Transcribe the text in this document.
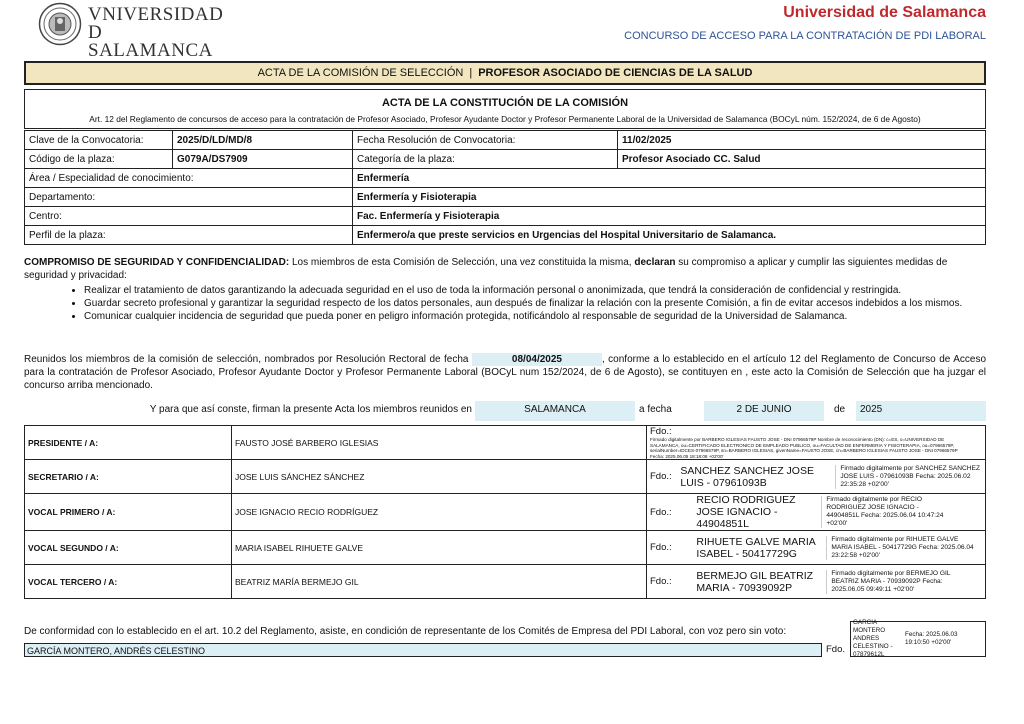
VNIVERSIDAD
D SALAMANCA
Universidad de Salamanca
CONCURSO DE ACCESO PARA LA CONTRATACIÓN DE PDI LABORAL
ACTA DE LA COMISIÓN DE SELECCIÓN | PROFESOR ASOCIADO DE CIENCIAS DE LA SALUD
ACTA DE LA CONSTITUCIÓN DE LA COMISIÓN
Art. 12 del Reglamento de concursos de acceso para la contratación de Profesor Asociado, Profesor Ayudante Doctor y Profesor Permanente Laboral de la Universidad de Salamanca (BOCyL núm. 152/2024, de 6 de Agosto)
Clave de la Convocatoria:	2025/D/LD/MD/8	Fecha Resolución de Convocatoria:	11/02/2025
Código de la plaza:	G079A/DS7909	Categoría de la plaza:	Profesor Asociado CC. Salud
Área / Especialidad de conocimiento:		Enfermería	
Departamento:		Enfermería y Fisioterapia	
Centro:		Fac. Enfermería y Fisioterapia	
Perfil de la plaza:		Enfermero/a que preste servicios en Urgencias del Hospital Universitario de Salamanca.	
COMPROMISO DE SEGURIDAD Y CONFIDENCIALIDAD: Los miembros de esta Comisión de Selección, una vez constituida la misma, declaran su compromiso a aplicar y cumplir las siguientes medidas de seguridad y privacidad:
• Realizar el tratamiento de datos garantizando la adecuada seguridad en el uso de toda la información personal o anonimizada, que tendrá la consideración de confidencial y restringida.
• Guardar secreto profesional y garantizar la seguridad respecto de los datos personales, aun después de finalizar la relación con la presente Comisión, a fin de evitar accesos indebidos a los mismos.
• Comunicar cualquier incidencia de seguridad que pueda poner en peligro información protegida, notificándolo al responsable de seguridad de la Universidad de Salamanca.
Reunidos los miembros de la comisión de selección, nombrados por Resolución Rectoral de fecha	08/04/2025	, conforme a lo establecido en el artículo 12 del Reglamento de Concurso de Acceso para la contratación de Profesor Asociado, Profesor Ayudante Doctor y Profesor Permanente Laboral (BOCyL num 152/2024, de 6 de Agosto), se contituyen en , este acto la Comisión de Selección que ha juzgar el concurso arriba mencionado.
Y para que así conste, firman la presente Acta los miembros reunidos en	SALAMANCA	a fecha	2 DE JUNIO	de	2025
PRESIDENTE / A:	FAUSTO JOSÉ BARBERO IGLESIAS	Fdo.:
Firmado digitalmente por BARBERO IGLESIAS FAUSTO JOSE - DNI 07966579P Nombre de reconocimiento (DN): c=ES, o=UNIVERSIDAD DE SALAMANCA, ou=CERTIFICADO ELECTRONICO DE EMPLEADO PUBLICO, ou=FACULTAD DE ENFERMERIA Y FISIOTERAPIA, ou=07966579P, serialNumber=IDCES-07966579P, sn=BARBERO IGLESIAS, givenName=FAUSTO JOSE, cn=BARBERO IGLESIAS FAUSTO JOSE - DNI 07966579P Fecha: 2025.06.05 18:18:08 +02'00'

SECRETARIO / A:	JOSE LUIS SÁNCHEZ SÁNCHEZ	Fdo.: SANCHEZ SANCHEZ JOSE LUIS - 07961093B
Firmado digitalmente por SANCHEZ SANCHEZ JOSE LUIS - 07961093B Fecha: 2025.06.02 22:35:28 +02'00'

VOCAL PRIMERO / A:	JOSE IGNACIO RECIO RODRÍGUEZ	Fdo.:
RECIO RODRIGUEZ JOSE IGNACIO - 44904851L
Firmado digitalmente por RECIO RODRIGUEZ JOSE IGNACIO - 44904851L Fecha: 2025.06.04 10:47:24 +02'00'

VOCAL SEGUNDO / A:	MARIA ISABEL RIHUETE GALVE	Fdo.: RIHUETE GALVE MARIA ISABEL - 50417729G
Firmado digitalmente por RIHUETE GALVE MARIA ISABEL - 50417729G Fecha: 2025.06.04 23:22:58 +02'00'

VOCAL TERCERO / A:	BEATRIZ MARÍA BERMEJO GIL	Fdo.: BERMEJO GIL BEATRIZ MARIA - 70939092P
Firmado digitalmente por BERMEJO GIL BEATRIZ MARIA - 70939092P Fecha: 2025.06.05 09:49:11 +02'00'
De conformidad con lo establecido en el art. 10.2 del Reglamento, asiste, en condición de representante de los Comités de Empresa del PDI Laboral, con voz pero sin voto:
GARCÍA MONTERO, ANDRÉS CELESTINO	Fdo.
GARCIA MONTERO ANDRES CELESTINO - 07879612L
Fecha: 2025.06.03 19:10:50 +02'00'
